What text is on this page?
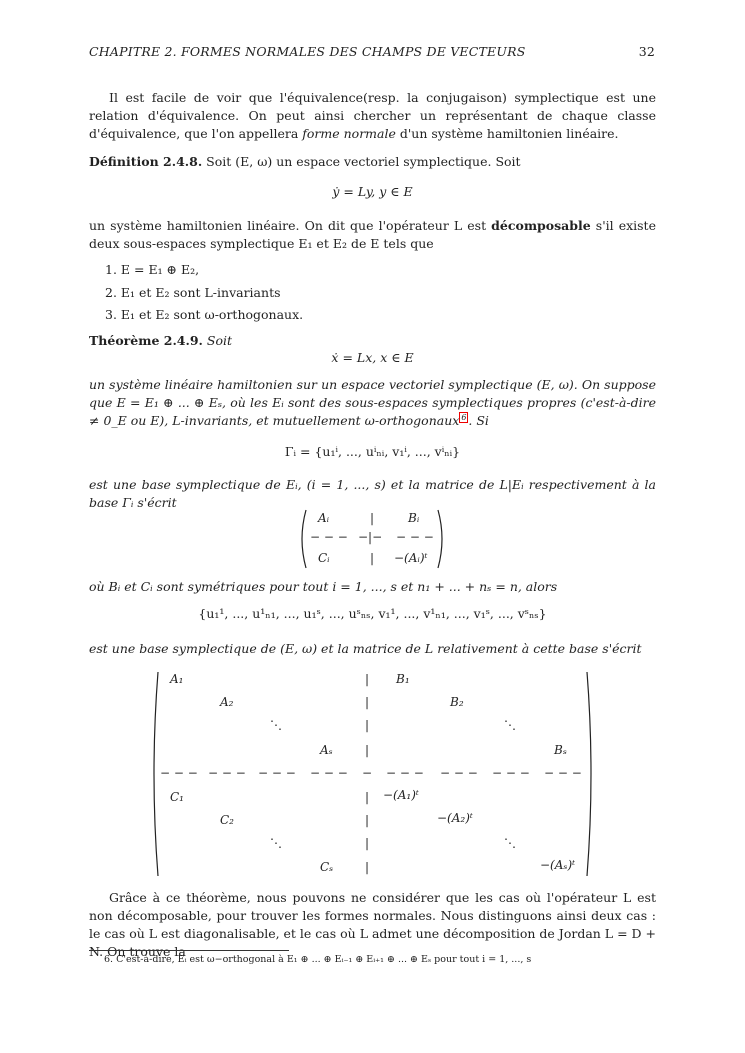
CHAPITRE 2. FORMES NORMALES DES CHAMPS DE VECTEURS	32
Il est facile de voir que l'équivalence(resp. la conjugaison) symplectique est une relation d'équivalence. On peut ainsi chercher un représentant de chaque classe d'équivalence, que l'on appellera forme normale d'un système hamiltonien linéaire.
Définition 2.4.8. Soit (E, ω) un espace vectoriel symplectique. Soit
ẏ = Ly, y ∈ E
un système hamiltonien linéaire. On dit que l'opérateur L est décomposable s'il existe deux sous-espaces symplectique E₁ et E₂ de E tels que
1. E = E₁ ⊕ E₂,
2. E₁ et E₂ sont L-invariants
3. E₁ et E₂ sont ω-orthogonaux.
Théorème 2.4.9. Soit
ẋ = Lx, x ∈ E
un système linéaire hamiltonien sur un espace vectoriel symplectique (E, ω). On suppose que E = E₁ ⊕ ... ⊕ Eₛ, où les Eᵢ sont des sous-espaces symplectiques propres (c'est-à-dire ≠ 0_E ou E), L-invariants, et mutuellement ω-orthogonaux 6 . Si
Γᵢ = {u₁ⁱ, ..., uⁱₙᵢ, v₁ⁱ, ..., vⁱₙᵢ}
est une base symplectique de Eᵢ, (i = 1, ..., s) et la matrice de L|Eᵢ respectivement à la base Γᵢ s'écrit
Aᵢ	|	Bᵢ
− − − −|− − − −
Cᵢ	| −(Aᵢ)ᵗ
où Bᵢ et Cᵢ sont symétriques pour tout i = 1, ..., s et n₁ + ... + nₛ = n, alors
{u₁¹, ..., u¹ₙ₁, ..., u₁ˢ, ..., uˢₙₛ, v₁¹, ..., v¹ₙ₁, ..., v₁ˢ, ..., vˢₙₛ}
est une base symplectique de (E, ω) et la matrice de L relativement à cette base s'écrit
A₁	| B₁
A₂	|	B₂
⋱	|	⋱
Aₛ	|	Bₛ
− − − − − − − − − − − − − − − − − − − − − − − − −
C₁	| −(A₁)ᵗ
C₂	|	−(A₂)ᵗ
⋱	|	⋱
Cₛ	|	−(Aₛ)ᵗ
Grâce à ce théorème, nous pouvons ne considérer que les cas où l'opérateur L est non décomposable, pour trouver les formes normales. Nous distinguons ainsi deux cas : le cas où L est diagonalisable, et le cas où L admet une décomposition de Jordan L = D + N. On trouve la
6. C'est-à-dire, Eᵢ est ω−orthogonal à E₁ ⊕ ... ⊕ Eᵢ₋₁ ⊕ Eᵢ₊₁ ⊕ ... ⊕ Eₛ pour tout i = 1, ..., s
